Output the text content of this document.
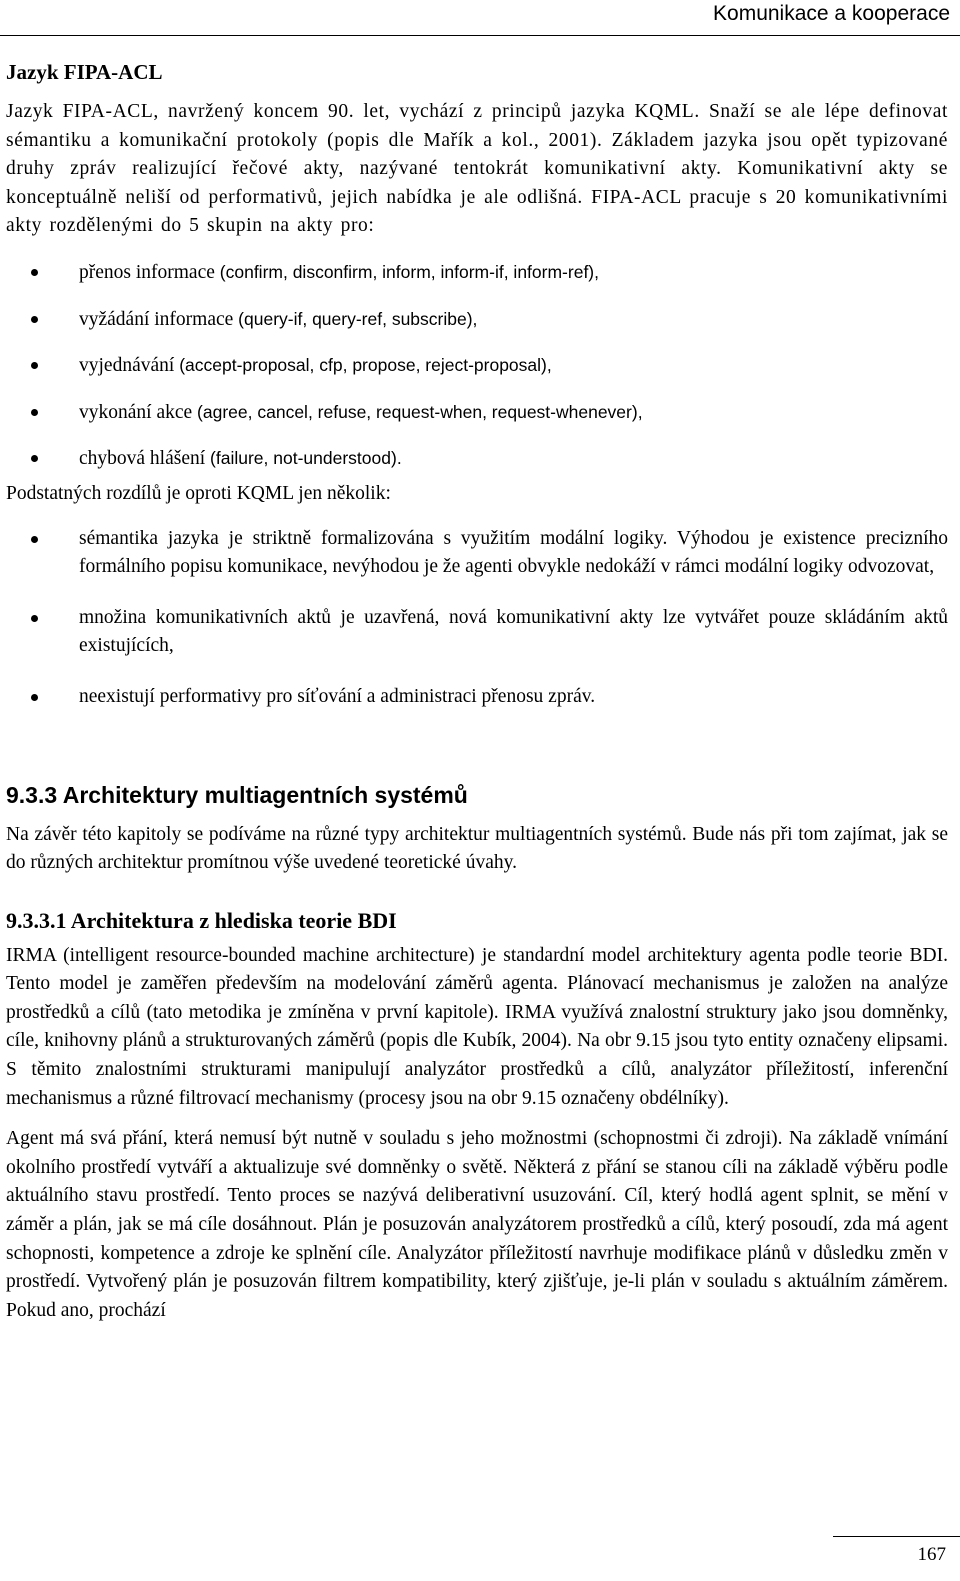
Komunikace a kooperace
Jazyk FIPA-ACL

Jazyk FIPA-ACL, navržený koncem 90. let, vychází z principů jazyka KQML. Snaží se ale lépe definovat sémantiku a komunikační protokoly (popis dle Mařík a kol., 2001). Základem jazyka jsou opět typizované druhy zpráv realizující řečové akty, nazývané tentokrát komunikativní akty. Komunikativní akty se konceptuálně neliší od performativů, jejich nabídka je ale odlišná. FIPA-ACL pracuje s 20 komunikativními akty rozdělenými do 5 skupin na akty pro:

přenos informace (confirm, disconfirm, inform, inform-if, inform-ref),
vyžádání informace (query-if, query-ref, subscribe),
vyjednávání (accept-proposal, cfp, propose, reject-proposal),
vykonání akce (agree, cancel, refuse, request-when, request-whenever),
chybová hlášení (failure, not-understood).

Podstatných rozdílů je oproti KQML jen několik:

sémantika jazyka je striktně formalizována s využitím modální logiky. Výhodou je existence precizního formálního popisu komunikace, nevýhodou je že agenti obvykle nedokáží v rámci modální logiky odvozovat,
množina komunikativních aktů je uzavřená, nová komunikativní akty lze vytvářet pouze skládáním aktů existujících,
neexistují performativy pro síťování a administraci přenosu zpráv.
9.3.3 Architektury multiagentních systémů

Na závěr této kapitoly se podíváme na různé typy architektur multiagentních systémů. Bude nás při tom zajímat, jak se do různých architektur promítnou výše uvedené teoretické úvahy.

9.3.3.1 Architektura z hlediska teorie BDI

IRMA (intelligent resource-bounded machine architecture) je standardní model architektury agenta podle teorie BDI. Tento model je zaměřen především na modelování záměrů agenta. Plánovací mechanismus je založen na analýze prostředků a cílů (tato metodika je zmíněna v první kapitole). IRMA využívá znalostní struktury jako jsou domněnky, cíle, knihovny plánů a strukturovaných záměrů (popis dle Kubík, 2004). Na obr 9.15 jsou tyto entity označeny elipsami. S těmito znalostními strukturami manipulují analyzátor prostředků a cílů, analyzátor příležitostí, inferenční mechanismus a různé filtrovací mechanismy (procesy jsou na obr 9.15 označeny obdélníky).

Agent má svá přání, která nemusí být nutně v souladu s jeho možnostmi (schopnostmi či zdroji). Na základě vnímání okolního prostředí vytváří a aktualizuje své domněnky o světě. Některá z přání se stanou cíli na základě výběru podle aktuálního stavu prostředí. Tento proces se nazývá deliberativní usuzování. Cíl, který hodlá agent splnit, se mění v záměr a plán, jak se má cíle dosáhnout. Plán je posuzován analyzátorem prostředků a cílů, který posoudí, zda má agent schopnosti, kompetence a zdroje ke splnění cíle. Analyzátor příležitostí navrhuje modifikace plánů v důsledku změn v prostředí. Vytvořený plán je posuzován filtrem kompatibility, který zjišťuje, je-li plán v souladu s aktuálním záměrem. Pokud ano, prochází

167
